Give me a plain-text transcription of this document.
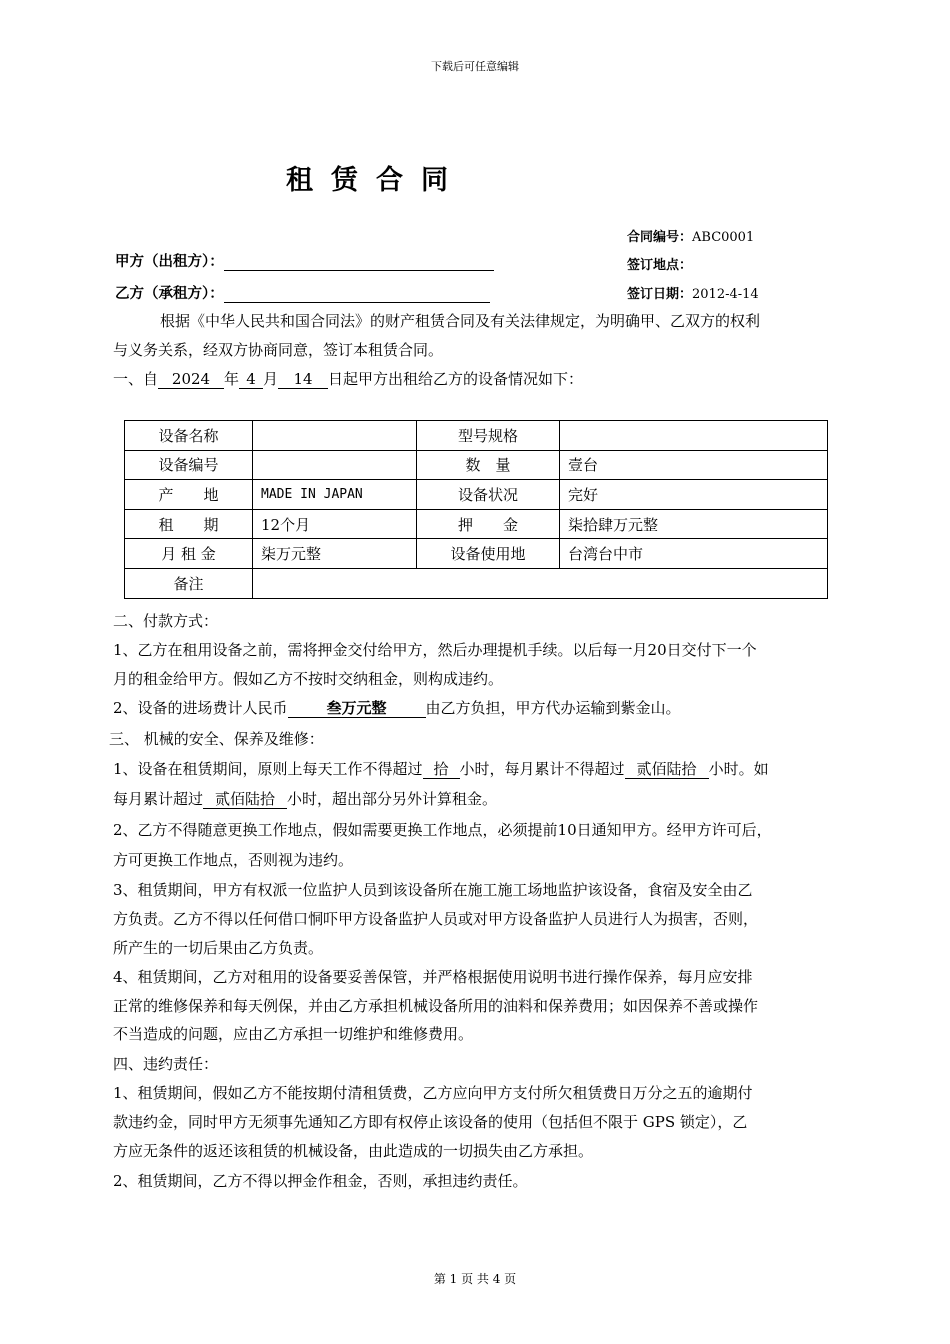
下载后可任意编辑
租赁合同
合同编号：ABC0001
签订地点：
签订日期：2012-4-14
甲方（出租方）：
乙方（承租方）：
根据《中华人民共和国合同法》的财产租赁合同及有关法律规定，为明确甲、乙双方的权利
与义务关系，经双方协商同意，签订本租赁合同。
一、自 2024 年 4 月 14 日起甲方出租给乙方的设备情况如下：
设备名称		型号规格	
设备编号		数　量	壹台
产　　地	MADE IN JAPAN	设备状况	完好
租　　期	12个月	押　　金	柒拾肆万元整
月 租 金	柒万元整	设备使用地	台湾台中市
备注			
二、付款方式：
1、乙方在租用设备之前，需将押金交付给甲方，然后办理提机手续。以后每一月20日交付下一个
月的租金给甲方。假如乙方不按时交纳租金，则构成违约。
2、设备的进场费计人民币	叁万元整	由乙方负担，甲方代办运输到紫金山。
三、 机械的安全、保养及维修：
1、设备在租赁期间，原则上每天工作不得超过 拾 小时，每月累计不得超过 贰佰陆拾 小时。如
每月累计超过 贰佰陆拾 小时，超出部分另外计算租金。
2、乙方不得随意更换工作地点，假如需要更换工作地点，必须提前10日通知甲方。经甲方许可后，
方可更换工作地点，否则视为违约。
3、租赁期间，甲方有权派一位监护人员到该设备所在施工施工场地监护该设备，食宿及安全由乙
方负责。乙方不得以任何借口恫吓甲方设备监护人员或对甲方设备监护人员进行人为损害，否则，
所产生的一切后果由乙方负责。
4、租赁期间，乙方对租用的设备要妥善保管，并严格根据使用说明书进行操作保养，每月应安排
正常的维修保养和每天例保，并由乙方承担机械设备所用的油料和保养费用；如因保养不善或操作
不当造成的问题，应由乙方承担一切维护和维修费用。
四、违约责任：
1、租赁期间，假如乙方不能按期付清租赁费，乙方应向甲方支付所欠租赁费日万分之五的逾期付
款违约金，同时甲方无须事先通知乙方即有权停止该设备的使用（包括但不限于 GPS 锁定），乙
方应无条件的返还该租赁的机械设备，由此造成的一切损失由乙方承担。
2、租赁期间，乙方不得以押金作租金，否则，承担违约责任。
第 1 页 共 4 页
